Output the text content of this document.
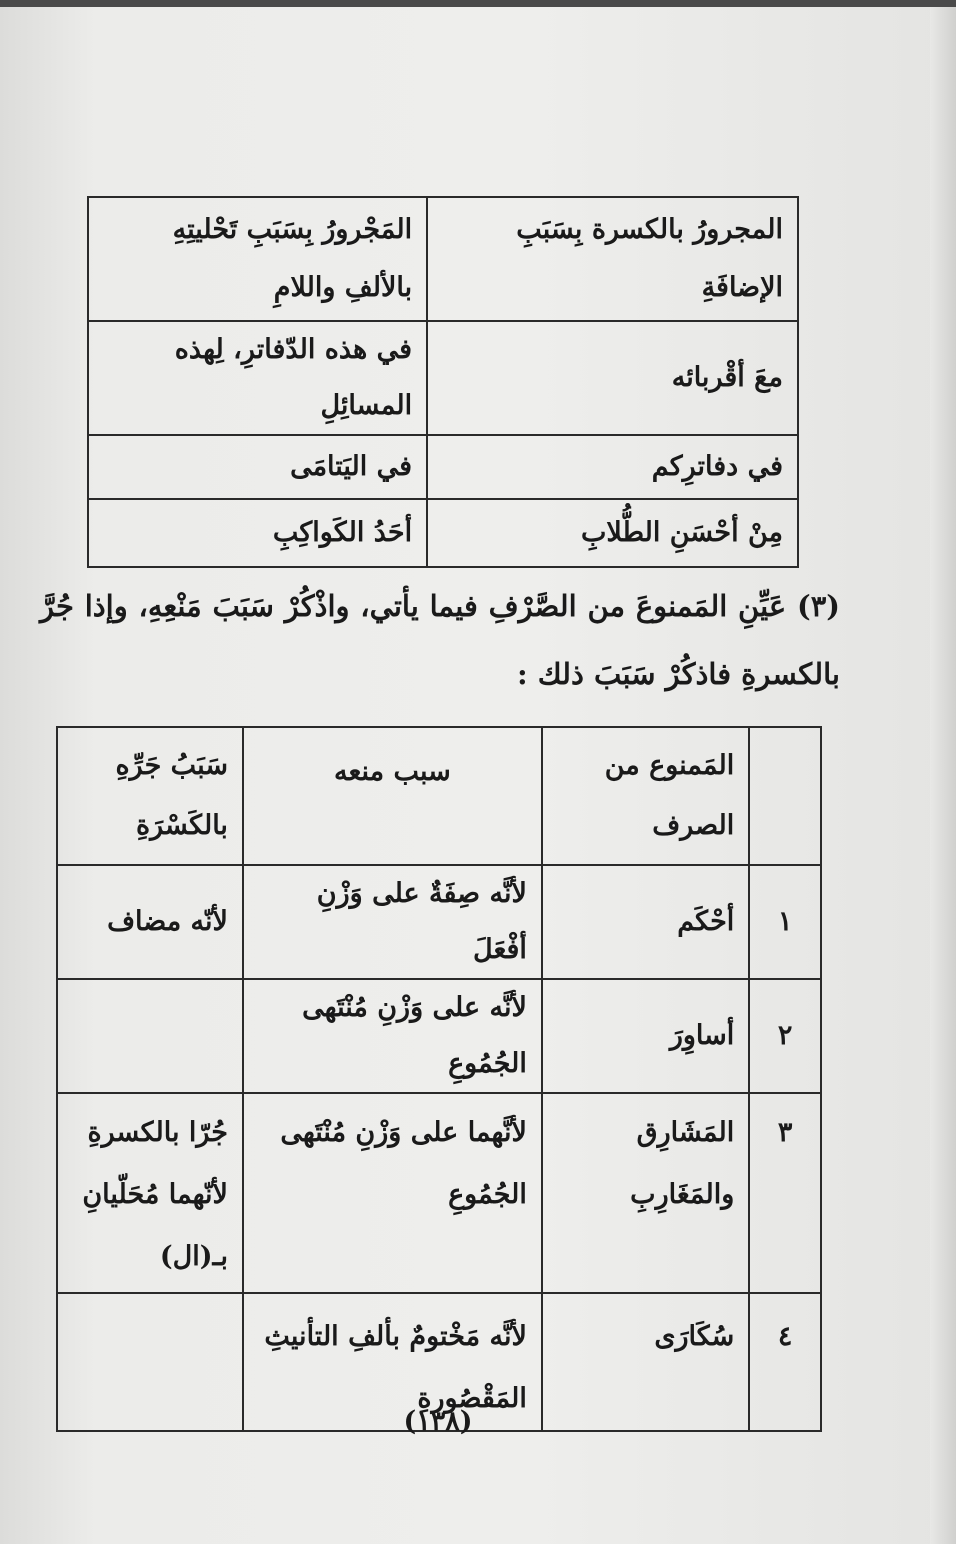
المجرورُ بالكسرة بِسَبَبِ الإضافَةِ	المَجْرورُ بِسَبَبِ تَحْليتِهِ بالألفِ واللامِ
معَ أقْربائه	في هذه الدّفاترِ، لِهذه المسائِلِ
في دفاترِكم	في اليَتامَى
مِنْ أحْسَنِ الطُّلابِ	أحَدُ الكَواكِبِ
(٣) عَيِّنِ المَمنوعَ من الصَّرْفِ فيما يأتي، واذْكُرْ سَبَبَ مَنْعِهِ، وإذا جُرَّ بالكسرةِ فاذكُرْ سَبَبَ ذلك :
	المَمنوع من الصرف	سبب منعه	سَبَبُ جَرِّهِ بالكَسْرَةِ
١	أحْكَم	لأنَّه صِفَةٌ على وَزْنِ أفْعَلَ	لأنّه مضاف
٢	أساوِرَ	لأنَّه على وَزْنِ مُنْتَهى الجُمُوعِ	
٣	المَشَارِق والمَغَارِبِ	لأنَّهما على وَزْنِ مُنْتَهى الجُمُوعِ	جُرّا بالكسرةِ لأنّهما مُحَلّيانِ بـ(ال)
٤	سُكَارَى	لأنَّه مَخْتومٌ بألفِ التأنيثِ المَقْصُورةِ	
(١٣٨)
